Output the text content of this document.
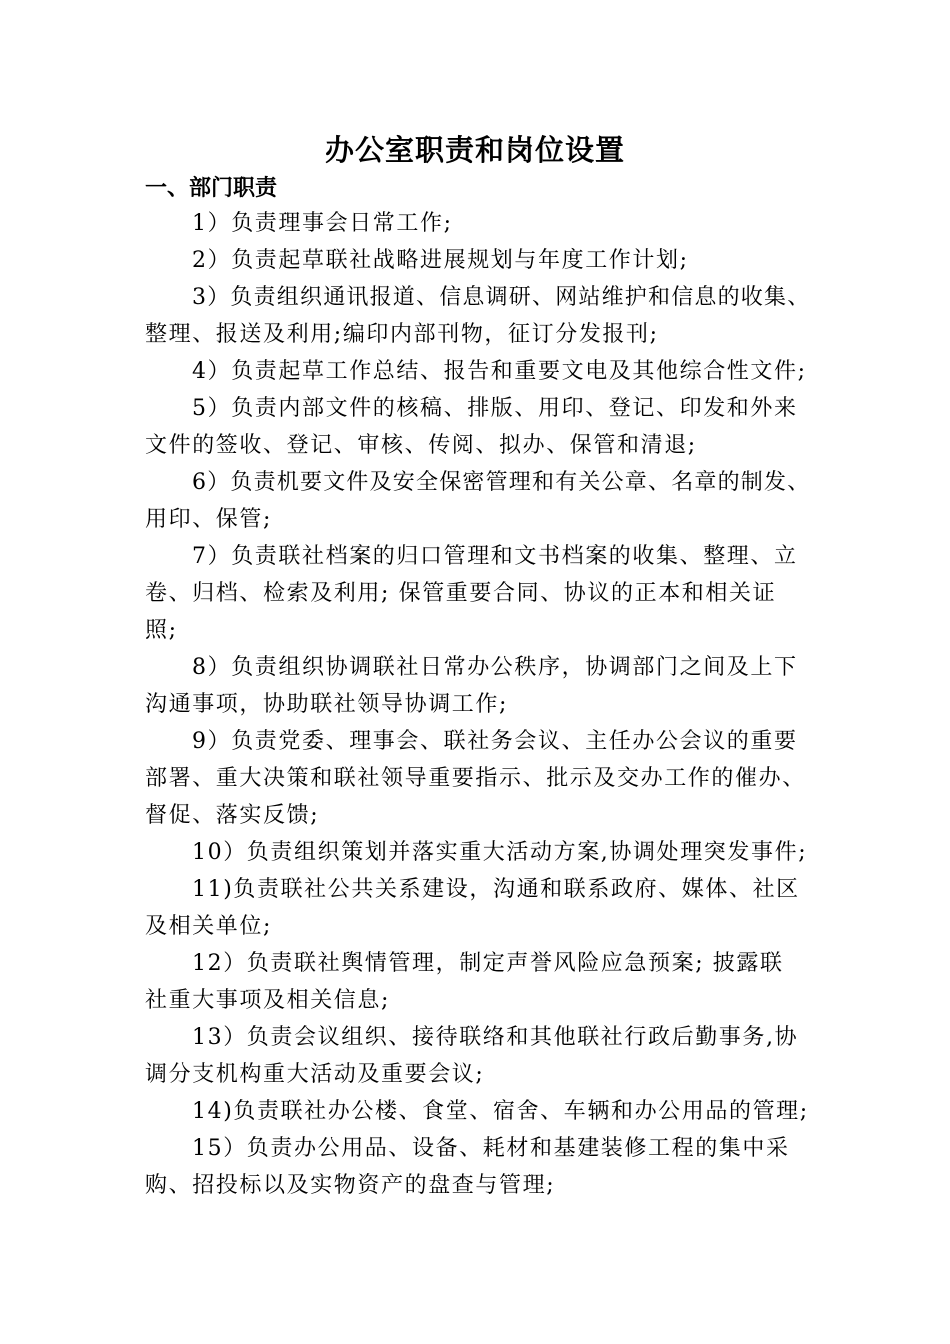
办公室职责和岗位设置
一、部门职责
1）负责理事会日常工作;
2）负责起草联社战略进展规划与年度工作计划;
3）负责组织通讯报道、信息调研、网站维护和信息的收集、
整理、报送及利用;编印内部刊物，征订分发报刊;
4）负责起草工作总结、报告和重要文电及其他综合性文件;
5）负责内部文件的核稿、排版、用印、登记、印发和外来
文件的签收、登记、审核、传阅、拟办、保管和清退;
6）负责机要文件及安全保密管理和有关公章、名章的制发、
用印、保管;
7）负责联社档案的归口管理和文书档案的收集、整理、立
卷、归档、检索及利用; 保管重要合同、协议的正本和相关证
照;
8）负责组织协调联社日常办公秩序，协调部门之间及上下
沟通事项，协助联社领导协调工作;
9）负责党委、理事会、联社务会议、主任办公会议的重要
部署、重大决策和联社领导重要指示、批示及交办工作的催办、
督促、落实反馈;
10）负责组织策划并落实重大活动方案,协调处理突发事件;
11)负责联社公共关系建设，沟通和联系政府、媒体、社区
及相关单位;
12）负责联社舆情管理，制定声誉风险应急预案; 披露联
社重大事项及相关信息;
13）负责会议组织、接待联络和其他联社行政后勤事务,协
调分支机构重大活动及重要会议;
14)负责联社办公楼、食堂、宿舍、车辆和办公用品的管理;
15）负责办公用品、设备、耗材和基建装修工程的集中采
购、招投标以及实物资产的盘查与管理;
